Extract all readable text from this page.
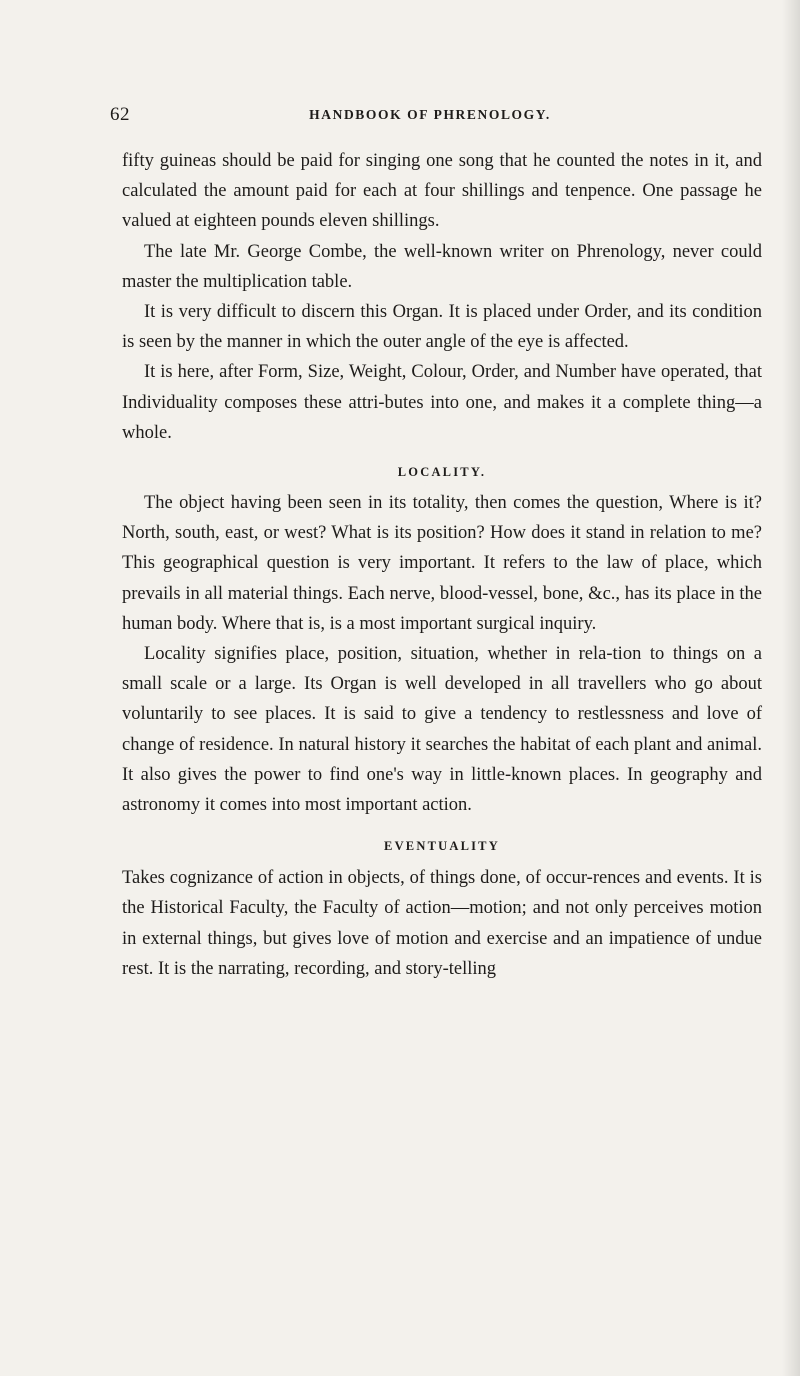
62	HANDBOOK OF PHRENOLOGY.

fifty guineas should be paid for singing one song that he counted the notes in it, and calculated the amount paid for each at four shillings and tenpence. One passage he valued at eighteen pounds eleven shillings.

The late Mr. George Combe, the well-known writer on Phrenology, never could master the multiplication table.

It is very difficult to discern this Organ. It is placed under Order, and its condition is seen by the manner in which the outer angle of the eye is affected.

It is here, after Form, Size, Weight, Colour, Order, and Number have operated, that Individuality composes these attri-butes into one, and makes it a complete thing—a whole.

LOCALITY.

The object having been seen in its totality, then comes the question, Where is it? North, south, east, or west? What is its position? How does it stand in relation to me? This geographical question is very important. It refers to the law of place, which prevails in all material things. Each nerve, blood-vessel, bone, &c., has its place in the human body. Where that is, is a most important surgical inquiry.

Locality signifies place, position, situation, whether in rela-tion to things on a small scale or a large. Its Organ is well developed in all travellers who go about voluntarily to see places. It is said to give a tendency to restlessness and love of change of residence. In natural history it searches the habitat of each plant and animal. It also gives the power to find one's way in little-known places. In geography and astronomy it comes into most important action.

EVENTUALITY

Takes cognizance of action in objects, of things done, of occur-rences and events. It is the Historical Faculty, the Faculty of action—motion; and not only perceives motion in external things, but gives love of motion and exercise and an impatience of undue rest. It is the narrating, recording, and story-telling
